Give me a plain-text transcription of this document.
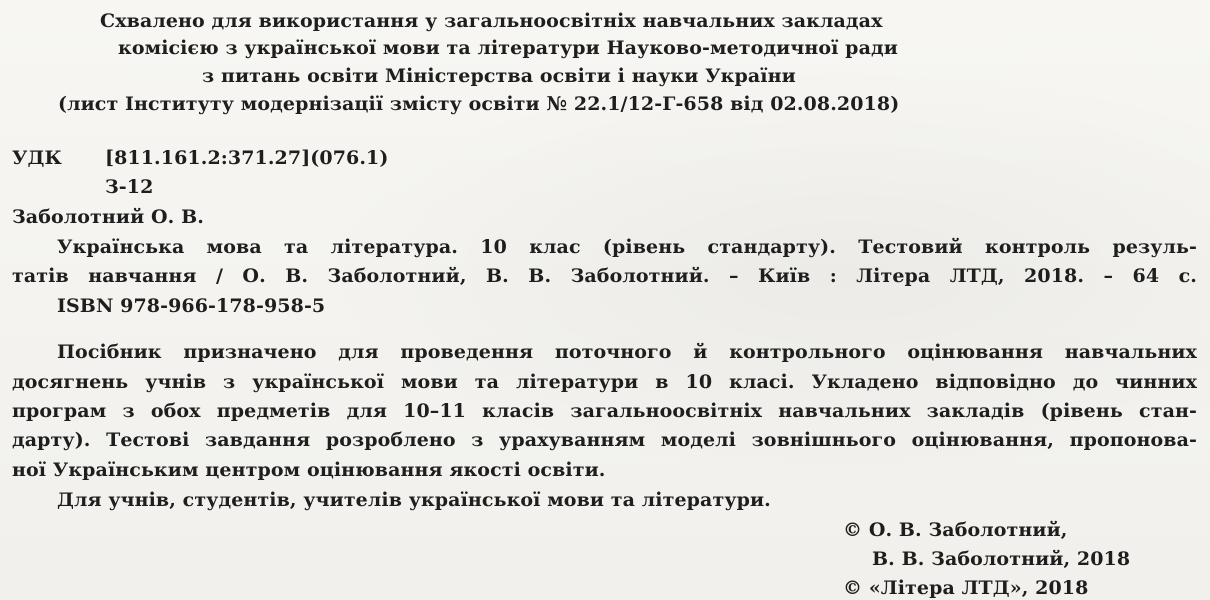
Схвалено для використання у загальноосвітніх навчальних закладах
комісією з української мови та літератури Науково-методичної ради
з питань освіти Міністерства освіти і науки України
(лист Інституту модернізації змісту освіти № 22.1/12-Г-658 від 02.08.2018)
УДК [811.161.2:371.27](076.1)
З-12
Заболотний О. В.
Українська мова та література. 10 клас (рівень стандарту). Тестовий контроль резуль-
татів навчання / О. В. Заболотний, В. В. Заболотний. – Київ : Літера ЛТД, 2018. – 64 с.
ISBN 978-966-178-958-5
Посібник призначено для проведення поточного й контрольного оцінювання навчальних
досягнень учнів з української мови та літератури в 10 класі. Укладено відповідно до чинних
програм з обох предметів для 10–11 класів загальноосвітніх навчальних закладів (рівень стан-
дарту). Тестові завдання розроблено з урахуванням моделі зовнішнього оцінювання, пропонова-
ної Українським центром оцінювання якості освіти.
Для учнів, студентів, учителів української мови та літератури.
© О. В. Заболотний,
В. В. Заболотний, 2018
© «Літера ЛТД», 2018
